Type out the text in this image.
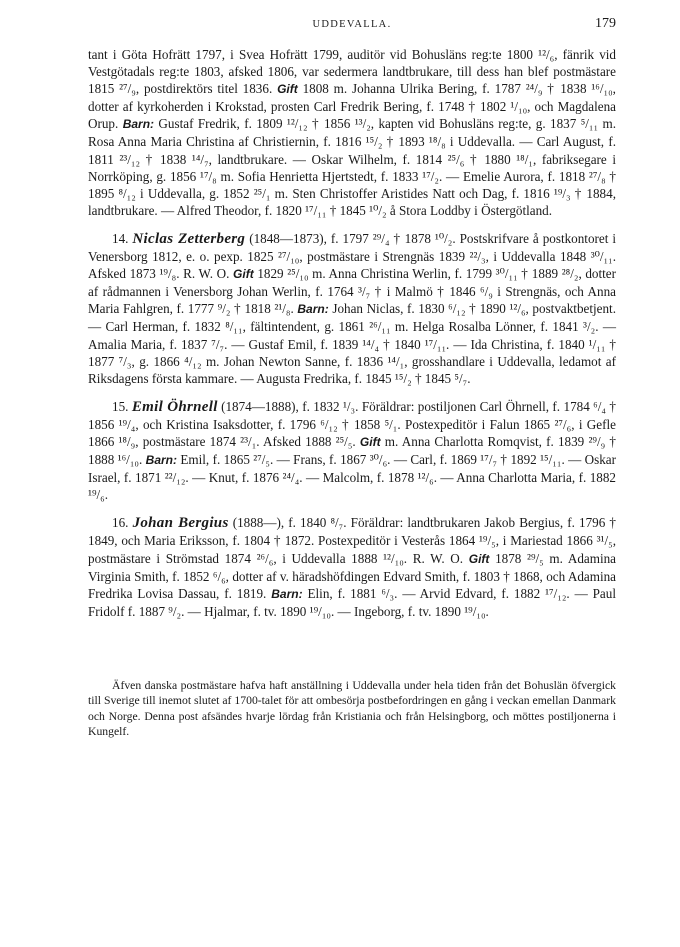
UDDEVALLA.	179

tant i Göta Hofrätt 1797, i Svea Hofrätt 1799, auditör vid Bohusläns reg:te 1800 ¹²/₆, fänrik vid Vestgötadals reg:te 1803, afsked 1806, var sedermera landtbrukare, till dess han blef postmästare 1815 ²⁷/₉, postdirektörs titel 1836. Gift 1808 m. Johanna Ulrika Bering, f. 1787 ²⁴/₉ † 1838 ¹⁶/₁₀, dotter af kyrkoherden i Krokstad, prosten Carl Fredrik Bering, f. 1748 † 1802 ¹/₁₀, och Magdalena Orup. Barn: Gustaf Fredrik, f. 1809 ¹²/₁₂ † 1856 ¹³/₂, kapten vid Bohusläns reg:te, g. 1837 ⁵/₁₁ m. Rosa Anna Maria Christina af Christiernin, f. 1816 ¹⁵/₂ † 1893 ¹⁸/₈ i Uddevalla. — Carl August, f. 1811 ²³/₁₂ † 1838 ¹⁴/₇, landtbrukare. — Oskar Wilhelm, f. 1814 ²⁵/₆ † 1880 ¹⁸/₁, fabriksegare i Norrköping, g. 1856 ¹⁷/₈ m. Sofia Henrietta Hjertstedt, f. 1833 ¹⁷/₂. — Emelie Aurora, f. 1818 ²⁷/₈ † 1895 ⁸/₁₂ i Uddevalla, g. 1852 ²⁵/₁ m. Sten Christoffer Aristides Natt och Dag, f. 1816 ¹⁹/₃ † 1884, landtbrukare. — Alfred Theodor, f. 1820 ¹⁷/₁₁ † 1845 ¹⁰/₂ å Stora Loddby i Östergötland.

14. Niclas Zetterberg (1848—1873), f. 1797 ²⁹/₄ † 1878 ¹⁰/₂. Postskrifvare å postkontoret i Venersborg 1812, e. o. pexp. 1825 ²⁷/₁₀, postmästare i Strengnäs 1839 ²²/₃, i Uddevalla 1848 ³⁰/₁₁. Afsked 1873 ¹⁹/₈. R. W. O. Gift 1829 ²⁵/₁₀ m. Anna Christina Werlin, f. 1799 ³⁰/₁₁ † 1889 ²⁸/₂, dotter af rådmannen i Venersborg Johan Werlin, f. 1764 ³/₇ † i Malmö † 1846 ⁶/₉ i Strengnäs, och Anna Maria Fahlgren, f. 1777 ⁹/₂ † 1818 ²¹/₈. Barn: Johan Niclas, f. 1830 ⁶/₁₂ † 1890 ¹²/₆, postvaktbetjent. — Carl Herman, f. 1832 ⁸/₁₁, fältintendent, g. 1861 ²⁶/₁₁ m. Helga Rosalba Lönner, f. 1841 ³/₂. — Amalia Maria, f. 1837 ⁷/₇. — Gustaf Emil, f. 1839 ¹⁴/₄ † 1840 ¹⁷/₁₁. — Ida Christina, f. 1840 ¹/₁₁ † 1877 ⁷/₃, g. 1866 ⁴/₁₂ m. Johan Newton Sanne, f. 1836 ¹⁴/₁, grosshandlare i Uddevalla, ledamot af Riksdagens första kammare. — Augusta Fredrika, f. 1845 ¹⁵/₂ † 1845 ⁵/₇.

15. Emil Öhrnell (1874—1888), f. 1832 ¹/₃. Föräldrar: postiljonen Carl Öhrnell, f. 1784 ⁶/₄ † 1856 ¹⁹/₄, och Kristina Isaksdotter, f. 1796 ⁶/₁₂ † 1858 ⁵/₁. Postexpeditör i Falun 1865 ²⁷/₆, i Gefle 1866 ¹⁸/₉, postmästare 1874 ²³/₁. Afsked 1888 ²⁵/₅. Gift m. Anna Charlotta Romqvist, f. 1839 ²⁹/₉ † 1888 ¹⁶/₁₀. Barn: Emil, f. 1865 ²⁷/₅. — Frans, f. 1867 ³⁰/₆. — Carl, f. 1869 ¹⁷/₇ † 1892 ¹⁵/₁₁. — Oskar Israel, f. 1871 ²²/₁₂. — Knut, f. 1876 ²⁴/₄. — Malcolm, f. 1878 ¹²/₆. — Anna Charlotta Maria, f. 1882 ¹⁹/₆.

16. Johan Bergius (1888—), f. 1840 ⁸/₇. Föräldrar: landtbrukaren Jakob Bergius, f. 1796 † 1849, och Maria Eriksson, f. 1804 † 1872. Postexpeditör i Vesterås 1864 ¹⁹/₅, i Mariestad 1866 ³¹/₅, postmästare i Strömstad 1874 ²⁶/₆, i Uddevalla 1888 ¹²/₁₀. R. W. O. Gift 1878 ²⁹/₅ m. Adamina Virginia Smith, f. 1852 ⁶/₆, dotter af v. häradshöfdingen Edvard Smith, f. 1803 † 1868, och Adamina Fredrika Lovisa Dassau, f. 1819. Barn: Elin, f. 1881 ⁶/₃. — Arvid Edvard, f. 1882 ¹⁷/₁₂. — Paul Fridolf f. 1887 ⁹/₂. — Hjalmar, f. tv. 1890 ¹⁹/₁₀. — Ingeborg, f. tv. 1890 ¹⁹/₁₀.

Äfven danska postmästare hafva haft anställning i Uddevalla under hela tiden från det Bohuslän öfvergick till Sverige till inemot slutet af 1700-talet för att ombesörja postbefordringen en gång i veckan emellan Danmark och Norge. Denna post afsändes hvarje lördag från Kristiania och från Helsingborg, och möttes postiljonerna i Kungelf.
